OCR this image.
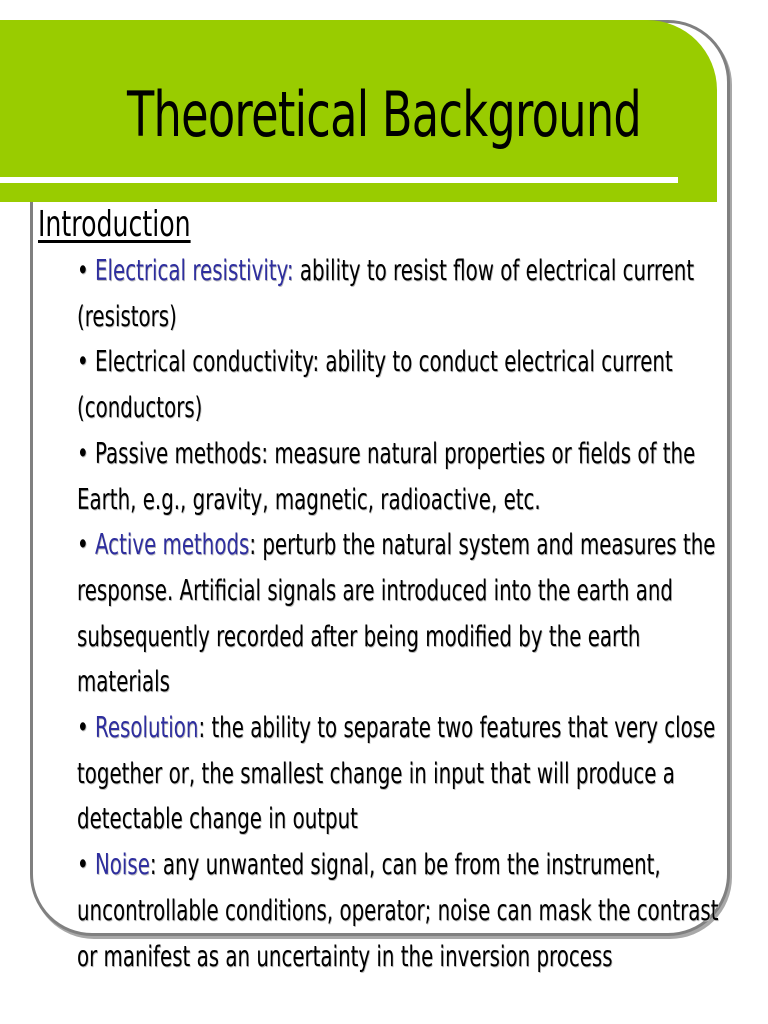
Theoretical Background
Introduction

• Electrical resistivity: ability to resist flow of electrical current (resistors)

• Electrical conductivity: ability to conduct electrical current (conductors)

• Passive methods: measure natural properties or fields of the Earth, e.g., gravity, magnetic, radioactive, etc.

• Active methods: perturb the natural system and measures the response. Artificial signals are introduced into the earth and subsequently recorded after being modified by the earth materials

• Resolution: the ability to separate two features that very close together or, the smallest change in input that will produce a detectable change in output

• Noise: any unwanted signal, can be from the instrument, uncontrollable conditions, operator; noise can mask the contrast or manifest as an uncertainty in the inversion process
